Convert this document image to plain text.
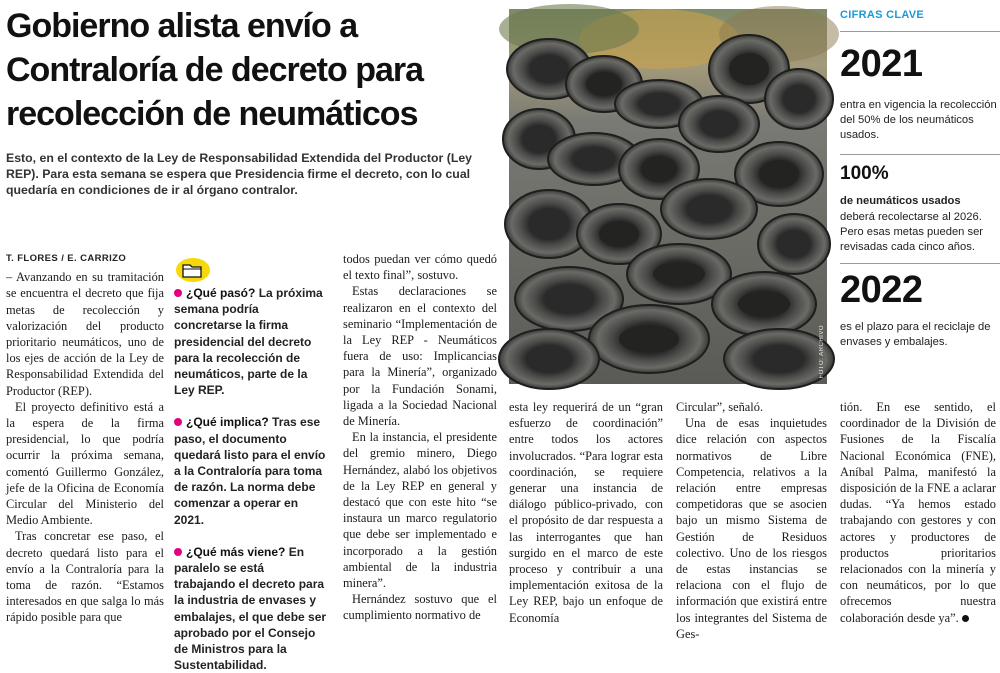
Gobierno alista envío a
Contraloría de decreto para
recolección de neumáticos
Esto, en el contexto de la Ley de Responsabilidad Extendida del Productor (Ley REP). Para esta semana se espera que Presidencia firme el decreto, con lo cual quedaría en condiciones de ir al órgano contralor.
FOTO: ARCHIVO
CIFRAS CLAVE
2021
entra en vigencia la recolección del 50% de los neumáticos usados.
100%
de neumáticos usados
deberá recolectarse al 2026. Pero esas metas pueden ser revisadas cada cinco años.
2022
es el plazo para el reciclaje de envases y embalajes.
T. FLORES / E. CARRIZO

– Avanzando en su tramitación se encuentra el decreto que fija metas de recolección y valorización del producto prioritario neumáticos, uno de los ejes de acción de la Ley de Responsabilidad Extendida del Productor (REP).

El proyecto definitivo está a la espera de la firma presidencial, lo que podría ocurrir la próxima semana, comentó Guillermo González, jefe de la Oficina de Economía Circular del Ministerio del Medio Ambiente.

Tras concretar ese paso, el decreto quedará listo para el envío a la Contraloría para la toma de razón. “Estamos interesados en que salga lo más rápido posible para que

¿Qué pasó? La próxima semana podría concretarse la firma presidencial del decreto para la recolección de neumáticos, parte de la Ley REP.
¿Qué implica? Tras ese paso, el documento quedará listo para el envío a la Contraloría para toma de razón. La norma debe comenzar a operar en 2021.
¿Qué más viene? En paralelo se está trabajando el decreto para la industria de envases y embalajes, el que debe ser aprobado por el Consejo de Ministros para la Sustentabilidad.

todos puedan ver cómo quedó el texto final”, sostuvo.

Estas declaraciones se realizaron en el contexto del seminario “Implementación de la Ley REP - Neumáticos fuera de uso: Implicancias para la Minería”, organizado por la Fundación Sonami, ligada a la Sociedad Nacional de Minería.

En la instancia, el presidente del gremio minero, Diego Hernández, alabó los objetivos de la Ley REP en general y destacó que con este hito “se instaura un marco regulatorio que debe ser implementado e incorporado a la gestión ambiental de la industria minera”.

Hernández sostuvo que el cumplimiento normativo de

esta ley requerirá de un “gran esfuerzo de coordinación” entre todos los actores involucrados. “Para lograr esta coordinación, se requiere generar una instancia de diálogo público-privado, con el propósito de dar respuesta a las interrogantes que han surgido en el marco de este proceso y contribuir a una implementación exitosa de la Ley REP, bajo un enfoque de Economía

Circular”, señaló.

Una de esas inquietudes dice relación con aspectos normativos de Libre Competencia, relativos a la relación entre empresas competidoras que se asocien bajo un mismo Sistema de Gestión de Residuos colectivo. Uno de los riesgos de estas instancias se relaciona con el flujo de información que existirá entre los integrantes del Sistema de Ges-

tión. En ese sentido, el coordinador de la División de Fusiones de la Fiscalía Nacional Económica (FNE), Aníbal Palma, manifestó la disposición de la FNE a aclarar dudas. “Ya hemos estado trabajando con gestores y con actores y productores de productos prioritarios relacionados con la minería y con neumáticos, por lo que ofrecemos nuestra colaboración desde ya”.
